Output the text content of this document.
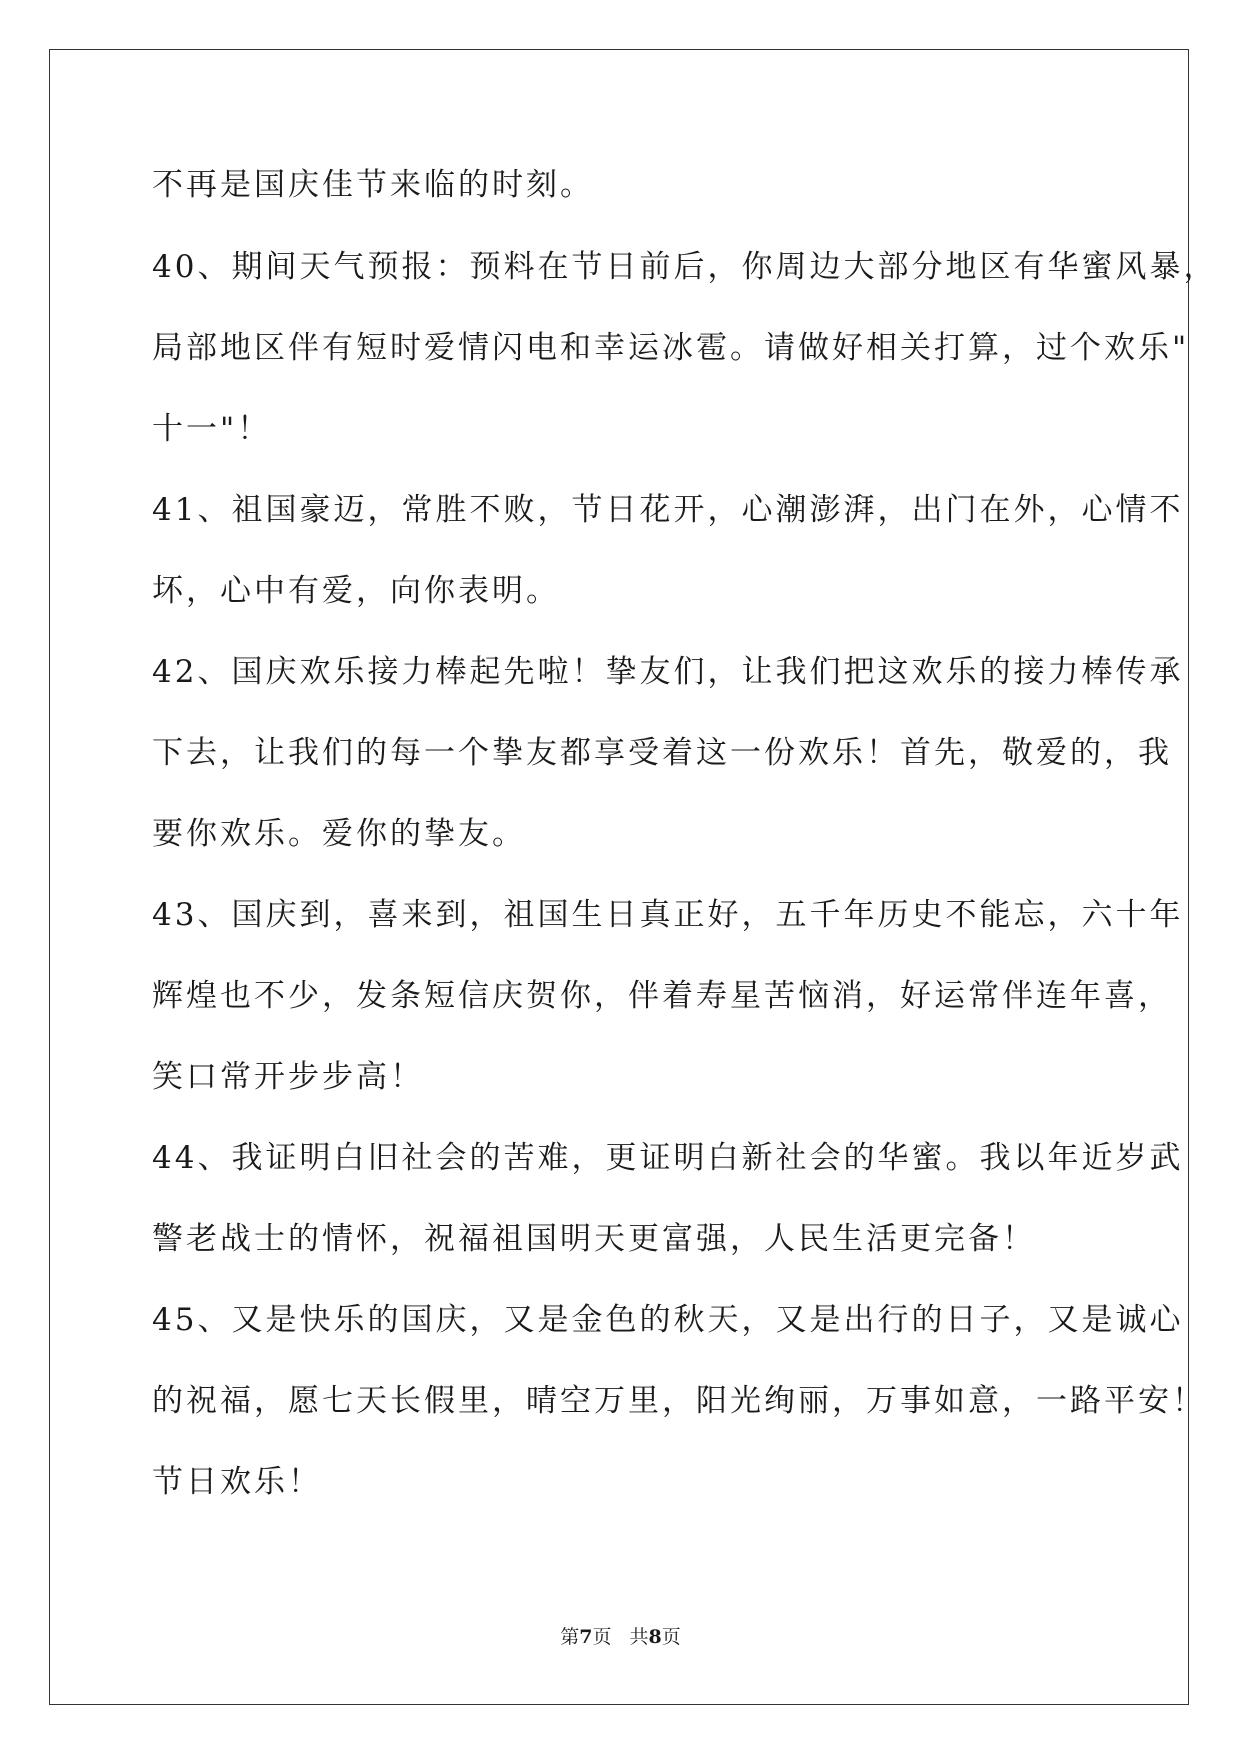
不再是国庆佳节来临的时刻。
40、期间天气预报：预料在节日前后，你周边大部分地区有华蜜风暴，
局部地区伴有短时爱情闪电和幸运冰雹。请做好相关打算，过个欢乐"
十一"！
41、祖国豪迈，常胜不败，节日花开，心潮澎湃，出门在外，心情不
坏，心中有爱，向你表明。
42、国庆欢乐接力棒起先啦！挚友们，让我们把这欢乐的接力棒传承
下去，让我们的每一个挚友都享受着这一份欢乐！首先，敬爱的，我
要你欢乐。爱你的挚友。
43、国庆到，喜来到，祖国生日真正好，五千年历史不能忘，六十年
辉煌也不少，发条短信庆贺你，伴着寿星苦恼消，好运常伴连年喜，
笑口常开步步高！
44、我证明白旧社会的苦难，更证明白新社会的华蜜。我以年近岁武
警老战士的情怀，祝福祖国明天更富强，人民生活更完备！
45、又是快乐的国庆，又是金色的秋天，又是出行的日子，又是诚心
的祝福，愿七天长假里，晴空万里，阳光绚丽，万事如意，一路平安！
节日欢乐！
第7页 共8页
